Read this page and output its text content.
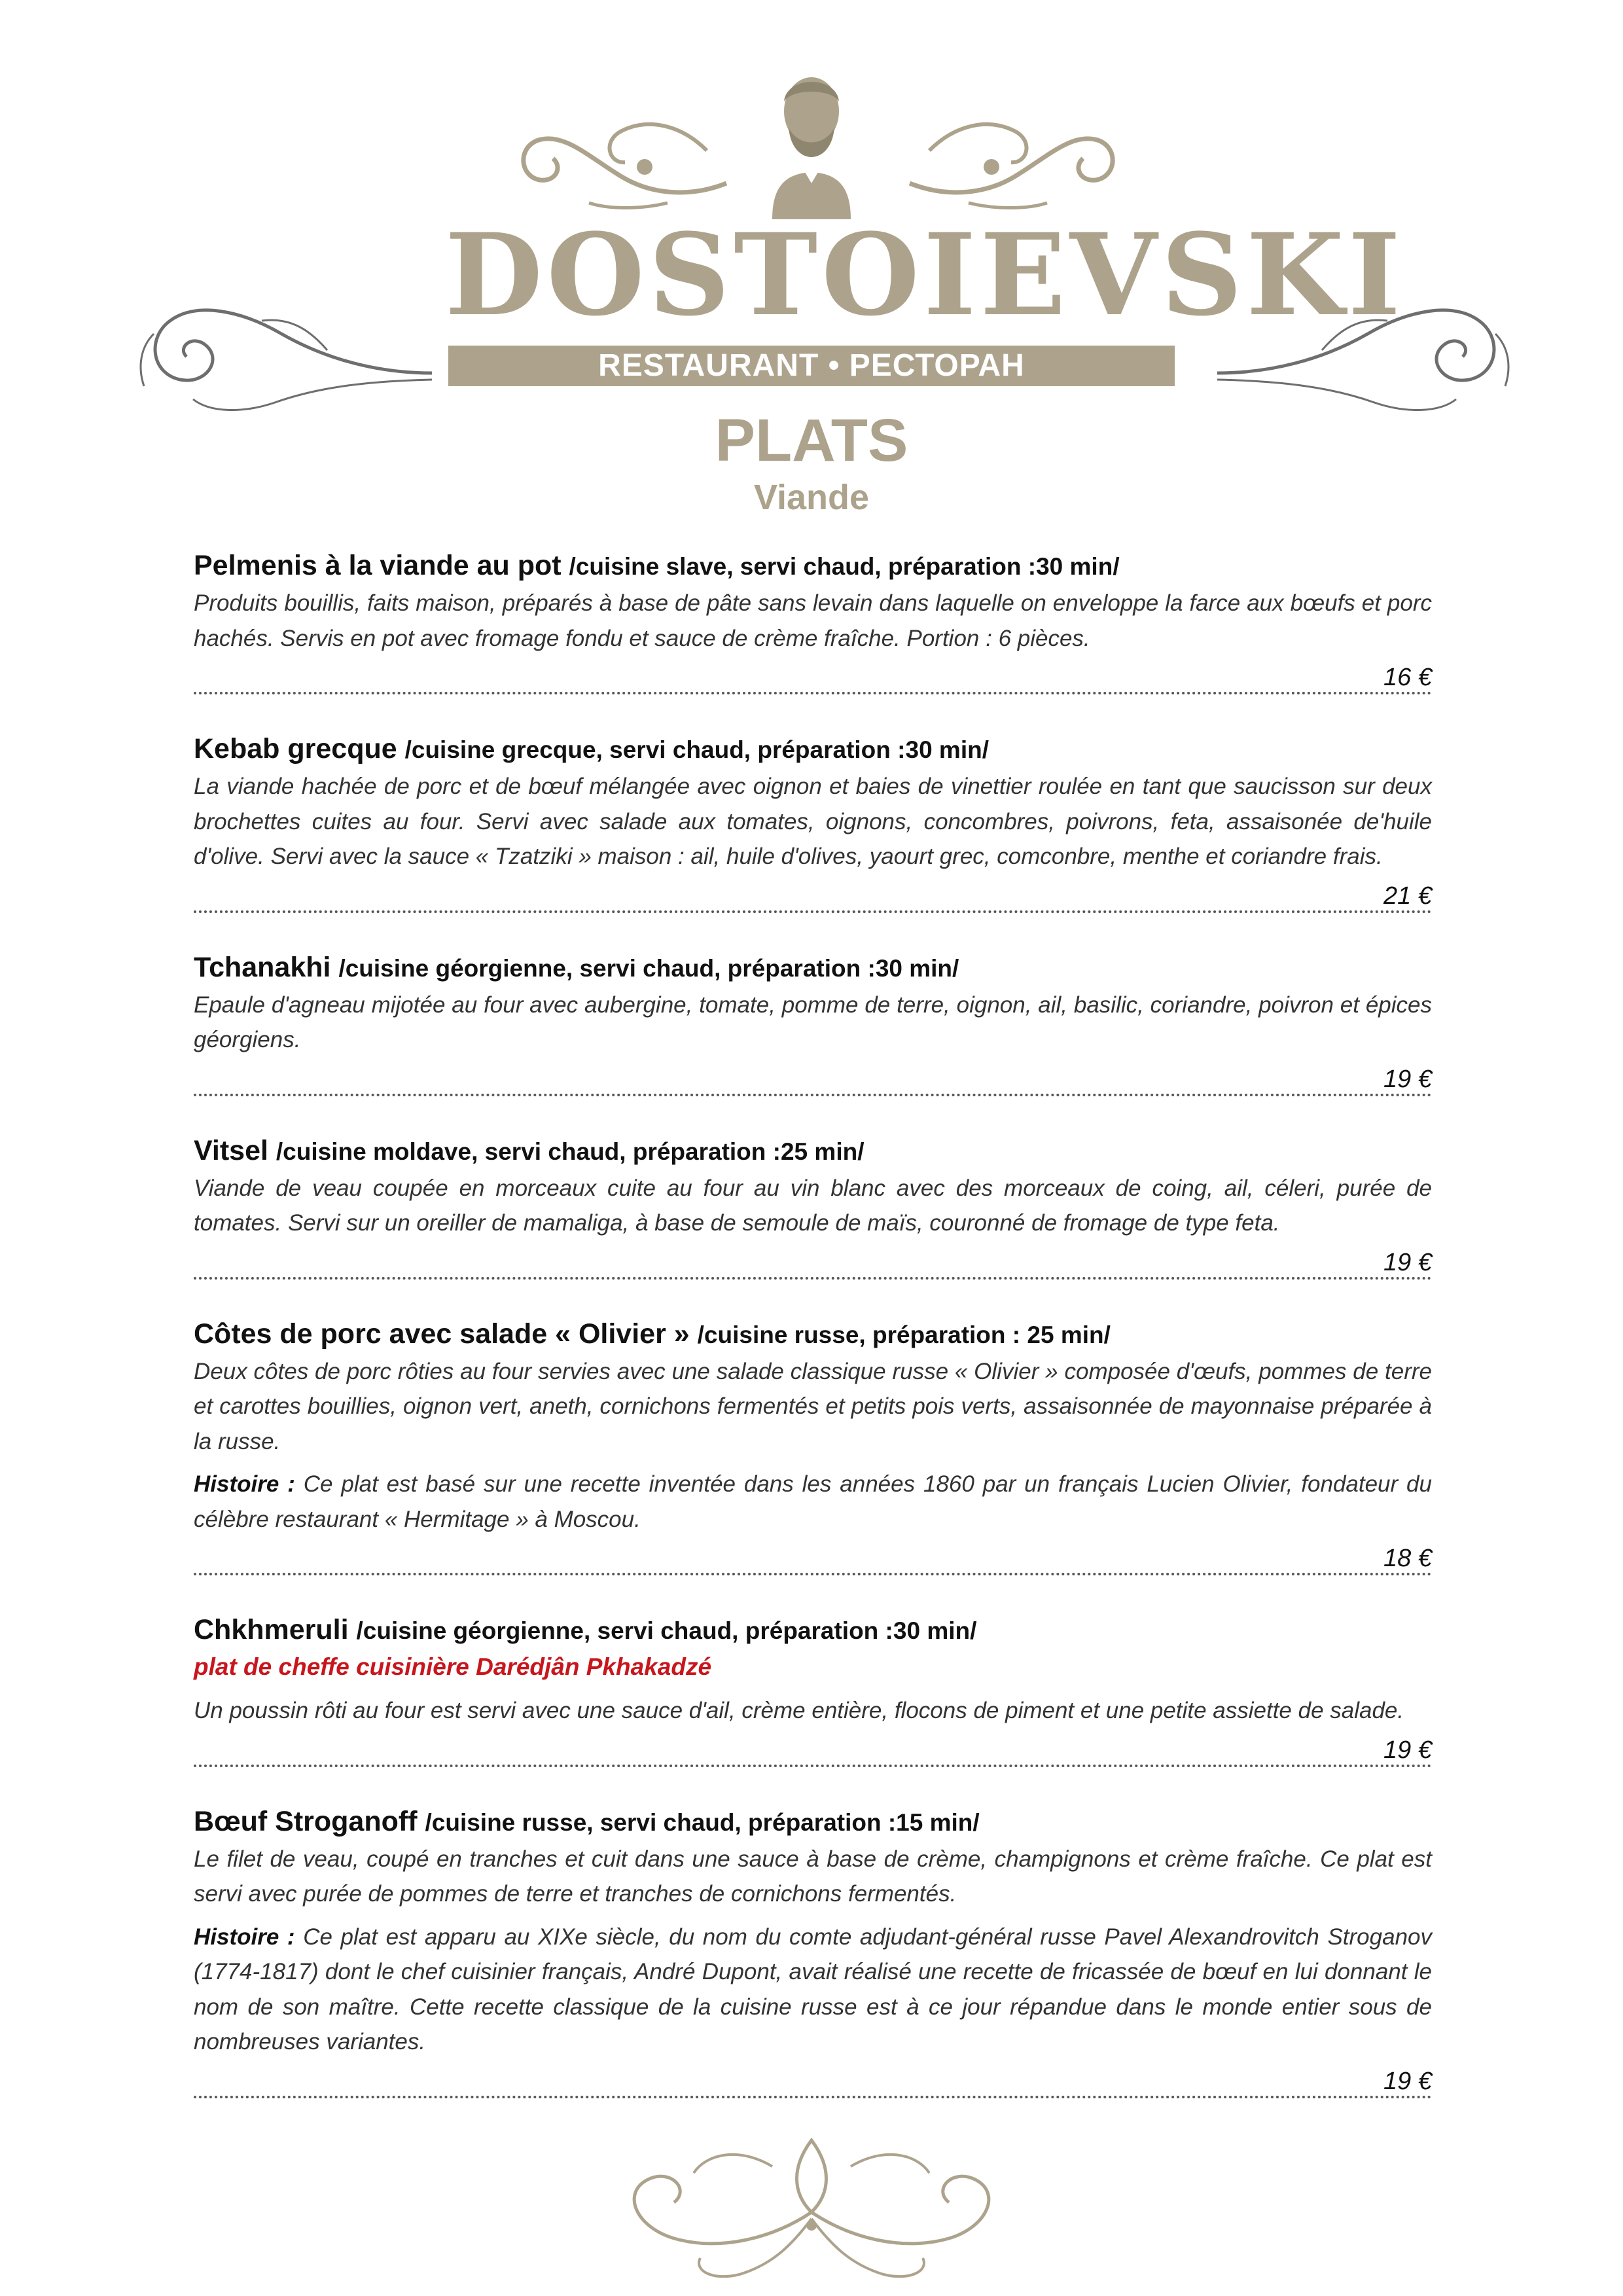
DOSTOIEVSKI
RESTAURANT • РЕСТОРАН
PLATS
Viande
Pelmenis à la viande au pot /cuisine slave, servi chaud, préparation :30 min/
Produits bouillis, faits maison, préparés à base de pâte sans levain dans laquelle on enveloppe la farce aux bœufs et porc hachés. Servis en pot avec fromage fondu et sauce de crème fraîche. Portion : 6 pièces.
16 €
Kebab grecque /cuisine grecque, servi chaud, préparation :30 min/
La viande hachée de porc et de bœuf mélangée avec oignon et baies de vinettier roulée en tant que saucisson sur deux brochettes cuites au four. Servi avec salade aux tomates, oignons, concombres, poivrons, feta, assaisonée de'huile d'olive. Servi avec la sauce « Tzatziki » maison : ail, huile d'olives, yaourt grec, comconbre, menthe et coriandre frais.
21 €
Tchanakhi /cuisine géorgienne, servi chaud, préparation :30 min/
Epaule d'agneau mijotée au four avec aubergine, tomate, pomme de terre, oignon, ail, basilic, coriandre, poivron et épices géorgiens.
19 €
Vitsel /cuisine moldave, servi chaud, préparation :25 min/
Viande de veau coupée en morceaux cuite au four au vin blanc avec des morceaux de coing, ail, céleri, purée de tomates. Servi sur un oreiller de mamaliga, à base de semoule de maïs, couronné de fromage de type feta.
19 €
Côtes de porc avec salade « Olivier » /cuisine russe, préparation : 25 min/
Deux côtes de porc rôties au four servies avec une salade classique russe « Olivier » composée d'œufs, pommes de terre et carottes bouillies, oignon vert, aneth, cornichons fermentés et petits pois verts, assaisonnée de mayonnaise préparée à la russe.
Histoire : Ce plat est basé sur une recette inventée dans les années 1860 par un français Lucien Olivier, fondateur du célèbre restaurant « Hermitage » à Moscou.
18 €
Chkhmeruli /cuisine géorgienne, servi chaud, préparation :30 min/
plat de cheffe cuisinière Darédjân Pkhakadzé
Un poussin rôti au four est servi avec une sauce d'ail, crème entière, flocons de piment et une petite assiette de salade.
19 €
Bœuf Stroganoff /cuisine russe, servi chaud, préparation :15 min/
Le filet de veau, coupé en tranches et cuit dans une sauce à base de crème, champignons et crème fraîche. Ce plat est servi avec purée de pommes de terre et tranches de cornichons fermentés.
Histoire : Ce plat est apparu au XIXe siècle, du nom du comte adjudant-général russe Pavel Alexandrovitch Stroganov (1774-1817) dont le chef cuisinier français, André Dupont, avait réalisé une recette de fricassée de bœuf en lui donnant le nom de son maître. Cette recette classique de la cuisine russe est à ce jour répandue dans le monde entier sous de nombreuses variantes.
19 €
